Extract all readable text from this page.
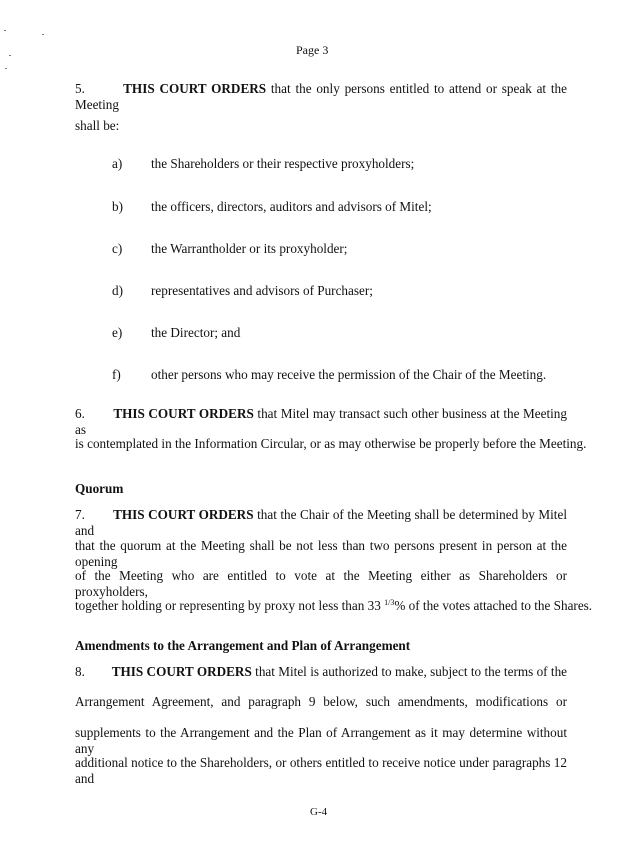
Page 3
5.	THIS COURT ORDERS that the only persons entitled to attend or speak at the Meeting
shall be:
a) the Shareholders or their respective proxyholders;
b) the officers, directors, auditors and advisors of Mitel;
c) the Warrantholder or its proxyholder;
d) representatives and advisors of Purchaser;
e) the Director; and
f) other persons who may receive the permission of the Chair of the Meeting.
6. THIS COURT ORDERS that Mitel may transact such other business at the Meeting as
is contemplated in the Information Circular, or as may otherwise be properly before the Meeting.
Quorum
7. THIS COURT ORDERS that the Chair of the Meeting shall be determined by Mitel and
that the quorum at the Meeting shall be not less than two persons present in person at the opening
of the Meeting who are entitled to vote at the Meeting either as Shareholders or proxyholders,
together holding or representing by proxy not less than 33 $^{1/3}$% of the votes attached to the Shares.
Amendments to the Arrangement and Plan of Arrangement
8. THIS COURT ORDERS that Mitel is authorized to make, subject to the terms of the
Arrangement Agreement, and paragraph 9 below, such amendments, modifications or
supplements to the Arrangement and the Plan of Arrangement as it may determine without any
additional notice to the Shareholders, or others entitled to receive notice under paragraphs 12 and
G-4
